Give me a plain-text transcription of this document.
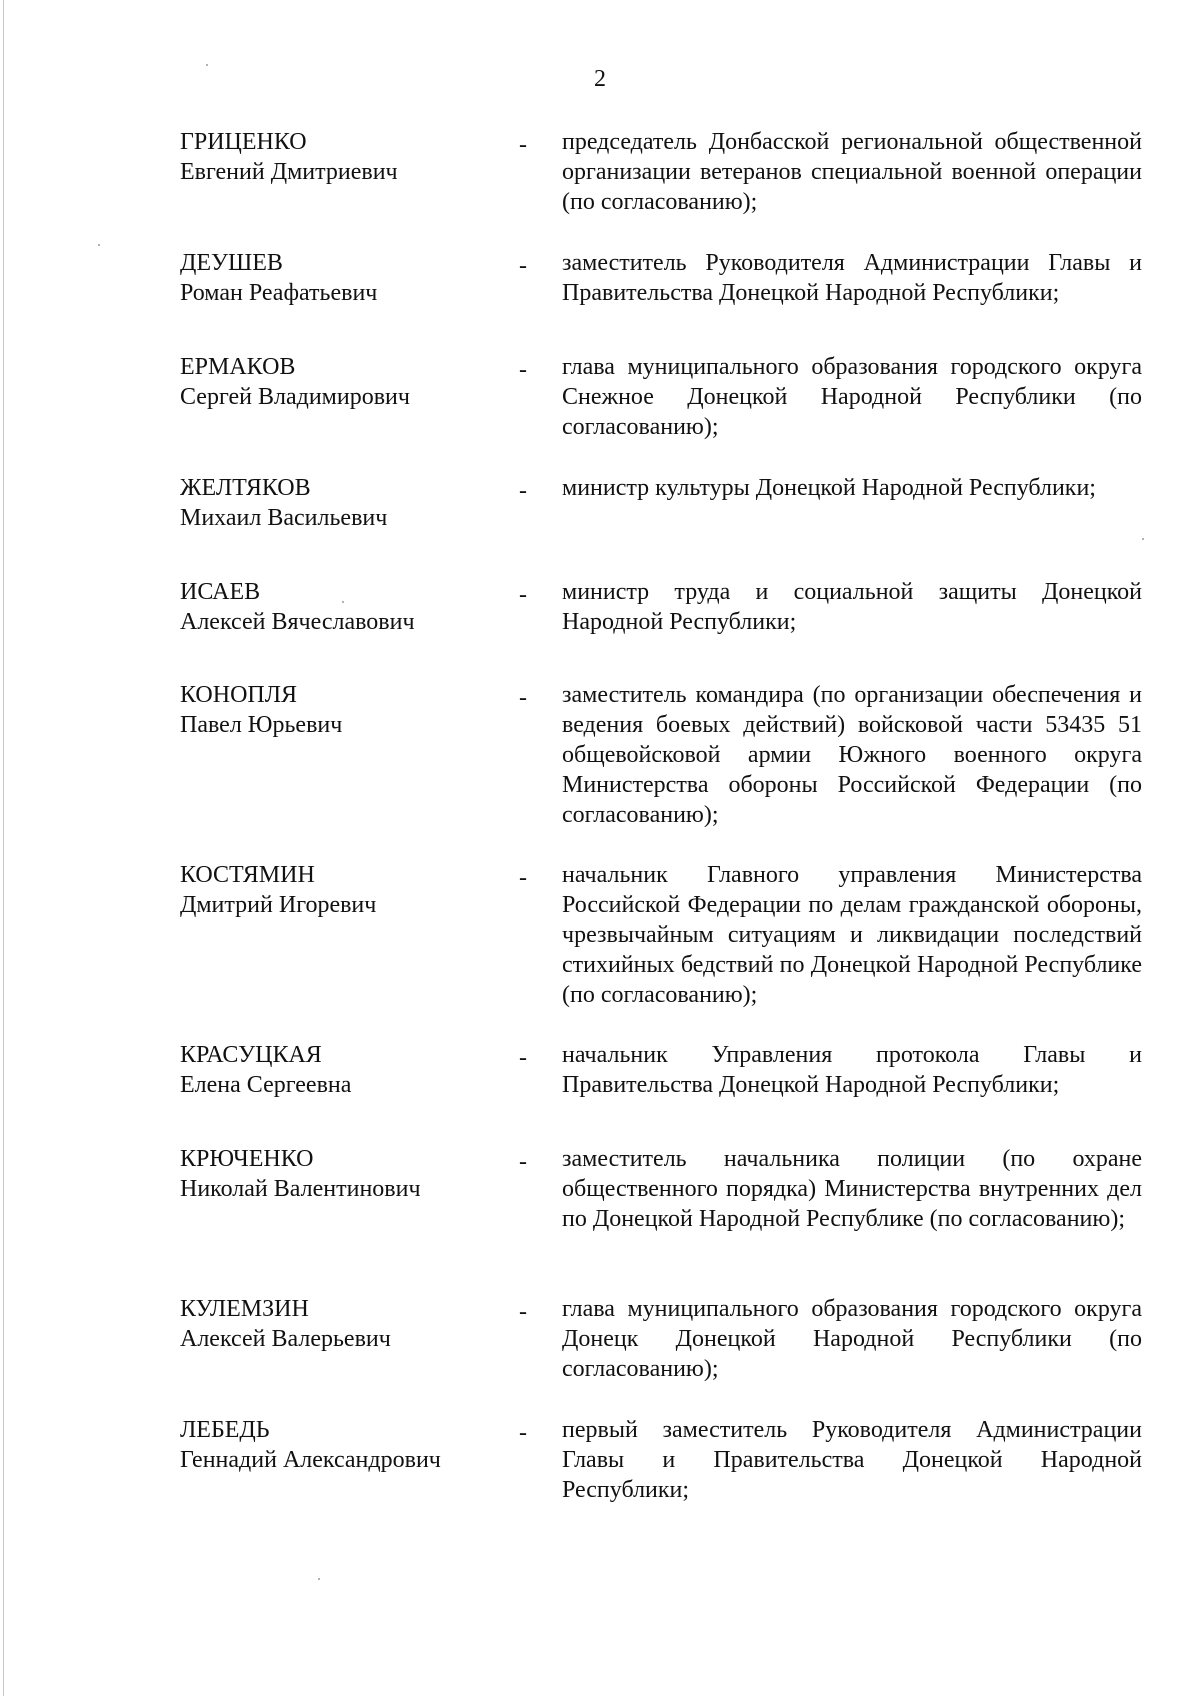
2
ГРИЦЕНКО
Евгений Дмитриевич
- председатель Донбасской региональной общественной организации ветеранов специальной военной операции (по согласованию);
ДЕУШЕВ
Роман Реафатьевич
- заместитель Руководителя Администрации Главы и Правительства Донецкой Народной Республики;
ЕРМАКОВ
Сергей Владимирович
- глава муниципального образования городского округа Снежное Донецкой Народной Республики (по согласованию);
ЖЕЛТЯКОВ
Михаил Васильевич
- министр культуры Донецкой Народной Республики;
ИСАЕВ
Алексей Вячеславович
- министр труда и социальной защиты Донецкой Народной Республики;
КОНОПЛЯ
Павел Юрьевич
- заместитель командира (по организации обеспечения и ведения боевых действий) войсковой части 53435 51 общевойсковой армии Южного военного округа Министерства обороны Российской Федерации (по согласованию);
КОСТЯМИН
Дмитрий Игоревич
- начальник Главного управления Министерства Российской Федерации по делам гражданской обороны, чрезвычайным ситуациям и ликвидации последствий стихийных бедствий по Донецкой Народной Республике (по согласованию);
КРАСУЦКАЯ
Елена Сергеевна
- начальник Управления протокола Главы и Правительства Донецкой Народной Республики;
КРЮЧЕНКО
Николай Валентинович
- заместитель начальника полиции (по охране общественного порядка) Министерства внутренних дел по Донецкой Народной Республике (по согласованию);
КУЛЕМЗИН
Алексей Валерьевич
- глава муниципального образования городского округа Донецк Донецкой Народной Республики (по согласованию);
ЛЕБЕДЬ
Геннадий Александрович
- первый заместитель Руководителя Администрации Главы и Правительства Донецкой Народной Республики;
